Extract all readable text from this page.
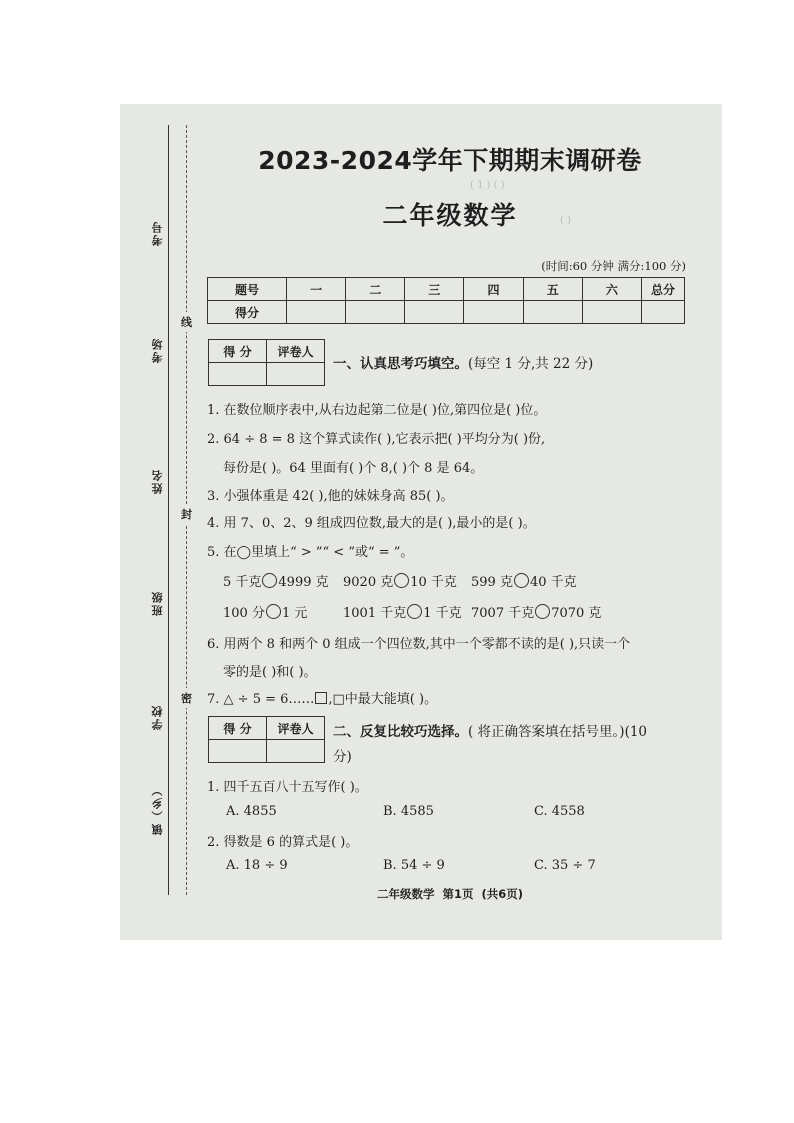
线
封
密
考号
考场
姓名
班级
学校
镇（乡）
( 1 ) ( )
( )
2023-2024学年下期期末调研卷
二年级数学
(时间:60 分钟 满分:100 分)
题号	一	二	三	四	五	六	总分
得分							
得 分	评卷人

一、认真思考巧填空。(每空 1 分,共 22 分)
1. 在数位顺序表中,从右边起第二位是( )位,第四位是( )位。
2. 64 ÷ 8 = 8 这个算式读作( ),它表示把( )平均分为( )份,
每份是( )。64 里面有( )个 8,( )个 8 是 64。
3. 小强体重是 42( ),他的妹妹身高 85( )。
4. 用 7、0、2、9 组成四位数,最大的是( ),最小的是( )。
5. 在◯里填上“ > ”“ < ”或“ = ”。
5 千克 4999 克 9020 克 10 千克 599 克 40 千克
100 分 1 元	1001 千克 1 千克 7007 千克 7070 克
6. 用两个 8 和两个 0 组成一个四位数,其中一个零都不读的是( ),只读一个
零的是( )和( )。
7. △ ÷ 5 = 6…… ,□中最大能填( )。
得 分	评卷人
	二、反复比较巧选择。( 将正确答案填在括号里。)(10
分)
1. 四千五百八十五写作( )。
A. 4855	B. 4585	C. 4558
2. 得数是 6 的算式是( )。
A. 18 ÷ 9	B. 54 ÷ 9	C. 35 ÷ 7
二年级数学 第1页 (共6页)
